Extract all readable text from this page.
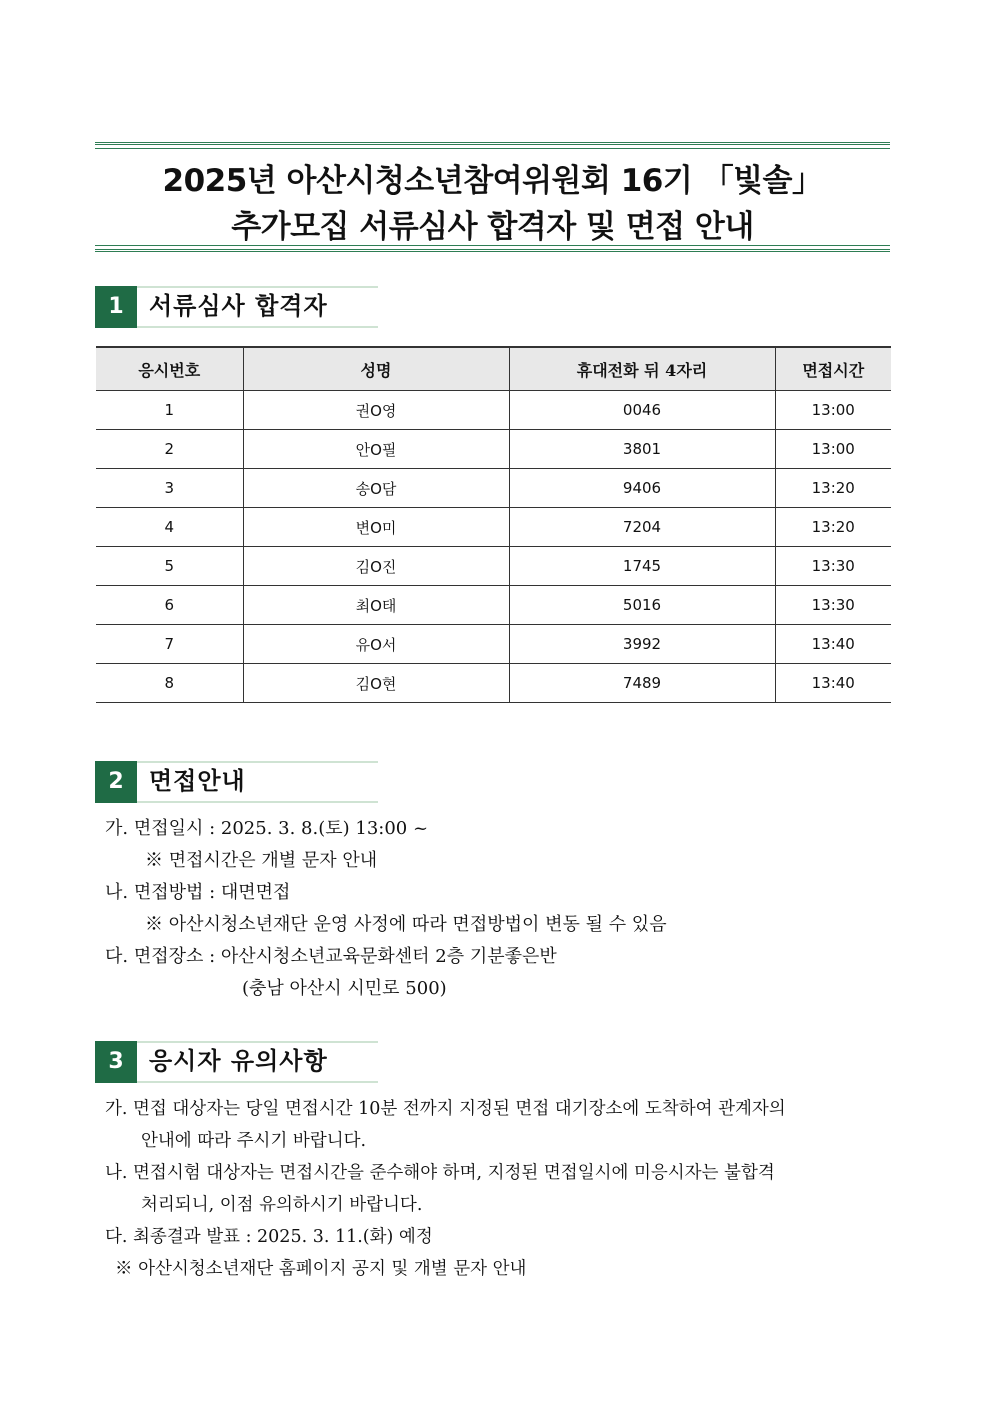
2025년 아산시청소년참여위원회 16기 「빛솔」
추가모집 서류심사 합격자 및 면접 안내
1	서류심사 합격자
응시번호	성명	휴대전화 뒤 4자리	면접시간
1	권O영	0046	13:00
2	안O필	3801	13:00
3	송O담	9406	13:20
4	변O미	7204	13:20
5	김O진	1745	13:30
6	최O태	5016	13:30
7	유O서	3992	13:40
8	김O현	7489	13:40
2	면접안내
가. 면접일시 : 2025. 3. 8.(토) 13:00 ~
※ 면접시간은 개별 문자 안내
나. 면접방법 : 대면면접
※ 아산시청소년재단 운영 사정에 따라 면접방법이 변동 될 수 있음
다. 면접장소 : 아산시청소년교육문화센터 2층 기분좋은반
(충남 아산시 시민로 500)
3	응시자 유의사항
가. 면접 대상자는 당일 면접시간 10분 전까지 지정된 면접 대기장소에 도착하여 관계자의
안내에 따라 주시기 바랍니다.
나. 면접시험 대상자는 면접시간을 준수해야 하며, 지정된 면접일시에 미응시자는 불합격
처리되니, 이점 유의하시기 바랍니다.
다. 최종결과 발표 : 2025. 3. 11.(화) 예정
※ 아산시청소년재단 홈페이지 공지 및 개별 문자 안내
